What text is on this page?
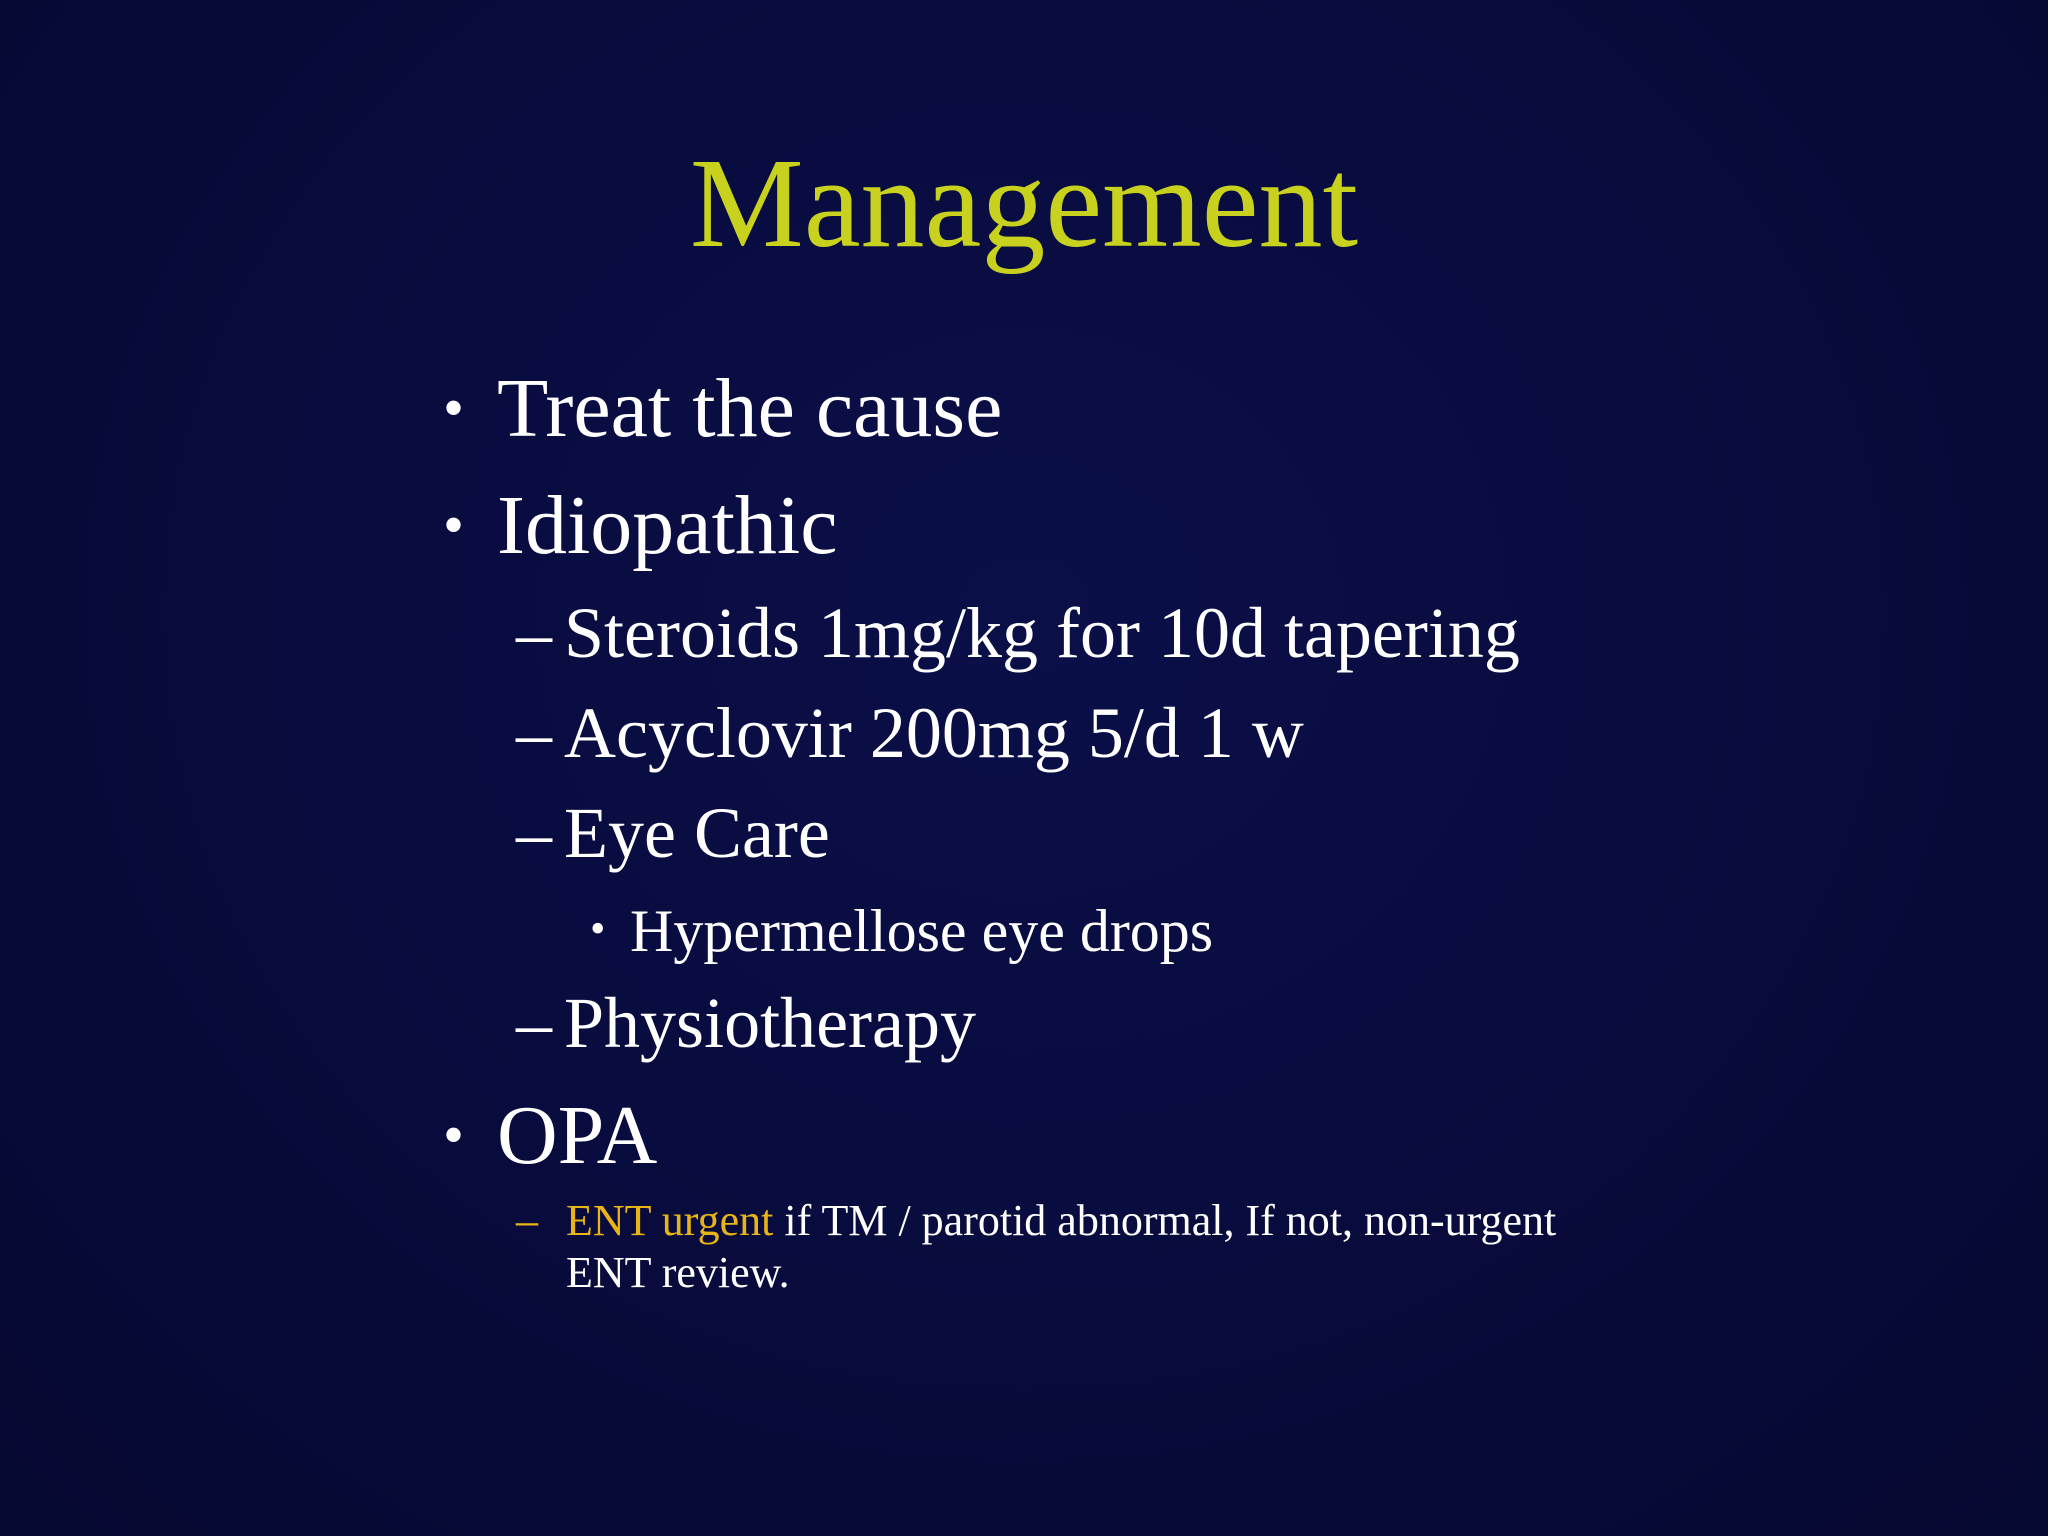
Management
• Treat the cause
• Idiopathic
– Steroids 1mg/kg for 10d tapering
– Acyclovir 200mg 5/d 1 w
– Eye Care
• Hypermellose eye drops
– Physiotherapy
• OPA
– ENT urgent if TM / parotid abnormal, If not, non-urgent
ENT review.
